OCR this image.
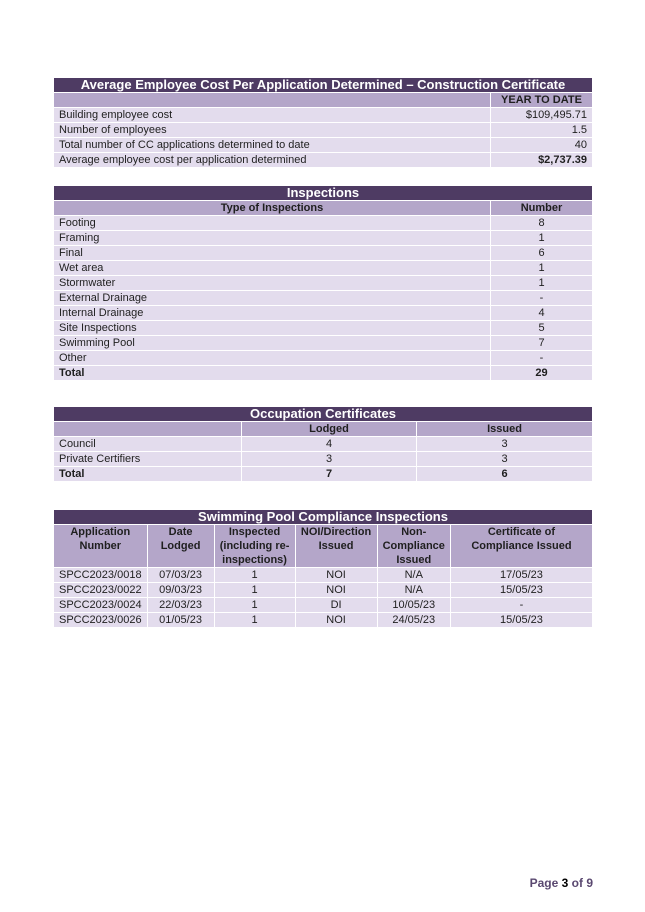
Average Employee Cost Per Application Determined – Construction Certificate	
	YEAR TO DATE
Building employee cost	$109,495.71
Number of employees	1.5
Total number of CC applications determined to date	40
Average employee cost per application determined	$2,737.39
Inspections	
Type of Inspections	Number
Footing	8
Framing	1
Final	6
Wet area	1
Stormwater	1
External Drainage	-
Internal Drainage	4
Site Inspections	5
Swimming Pool	7
Other	-
Total	29
Occupation Certificates		
	Lodged	Issued
Council	4	3
Private Certifiers	3	3
Total	7	6
Swimming Pool Compliance Inspections					
Application Number	Date Lodged	Inspected (including re-inspections)	NOI/Direction Issued	Non-Compliance Issued	Certificate of Compliance Issued
SPCC2023/0018	07/03/23	1	NOI	N/A	17/05/23
SPCC2023/0022	09/03/23	1	NOI	N/A	15/05/23
SPCC2023/0024	22/03/23	1	DI	10/05/23	-
SPCC2023/0026	01/05/23	1	NOI	24/05/23	15/05/23
Page 3 of 9
